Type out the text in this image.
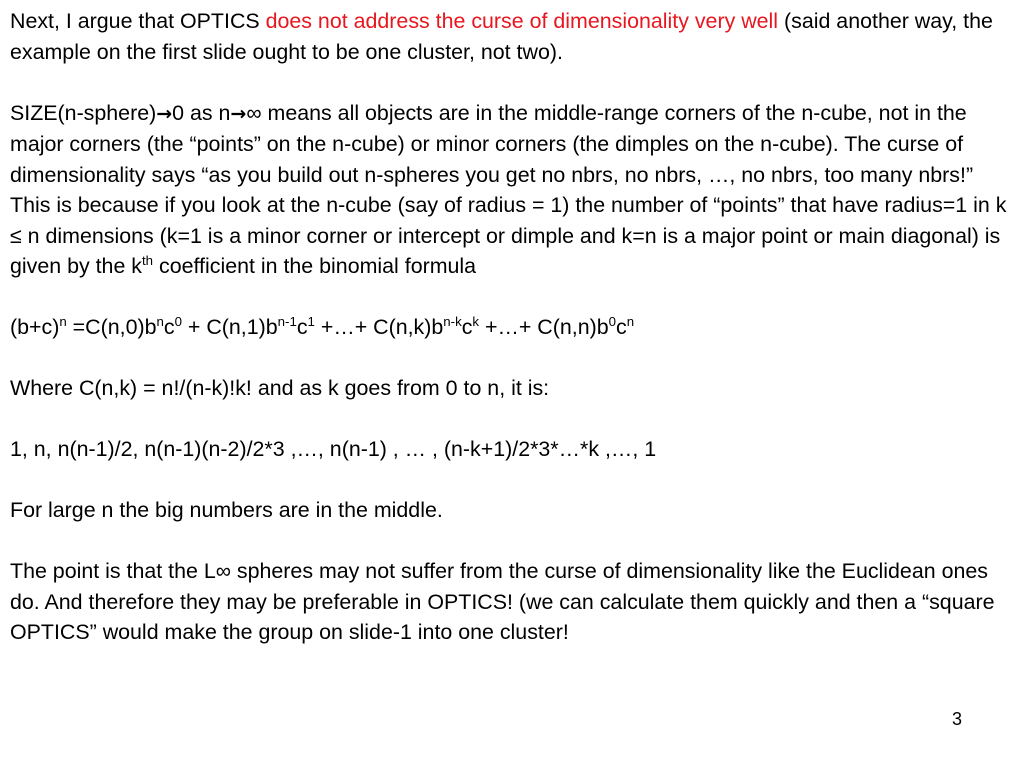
Next, I argue that OPTICS does not address the curse of dimensionality very well (said another way, the example on the first slide ought to be one cluster, not two).

SIZE(n-sphere)→0 as n→∞ means all objects are in the middle-range corners of the n-cube, not in the major corners (the “points” on the n-cube) or minor corners (the dimples on the n-cube). The curse of dimensionality says “as you build out n-spheres you get no nbrs, no nbrs, …, no nbrs, too many nbrs!” This is because if you look at the n-cube (say of radius = 1) the number of “points” that have radius=1 in k ≤ n dimensions (k=1 is a minor corner or intercept or dimple and k=n is a major point or main diagonal) is given by the $k^{th}$ coefficient in the binomial formula

$(b+c)^n =C(n,0)b^nc^0 + C(n,1)b^{n-1}c^1$ +…+ $C(n,k)b^{n-k}c^k$ +…+ $C(n,n)b^0c^n$

Where C(n,k) = n!/(n-k)!k! and as k goes from 0 to n, it is:

1, n, n(n-1)/2, n(n-1)(n-2)/2*3 ,…, n(n-1) , … , (n-k+1)/2*3*…*k ,…, 1

For large n the big numbers are in the middle.

The point is that the L∞ spheres may not suffer from the curse of dimensionality like the Euclidean ones do. And therefore they may be preferable in OPTICS! (we can calculate them quickly and then a “square OPTICS” would make the group on slide-1 into one cluster!

3
